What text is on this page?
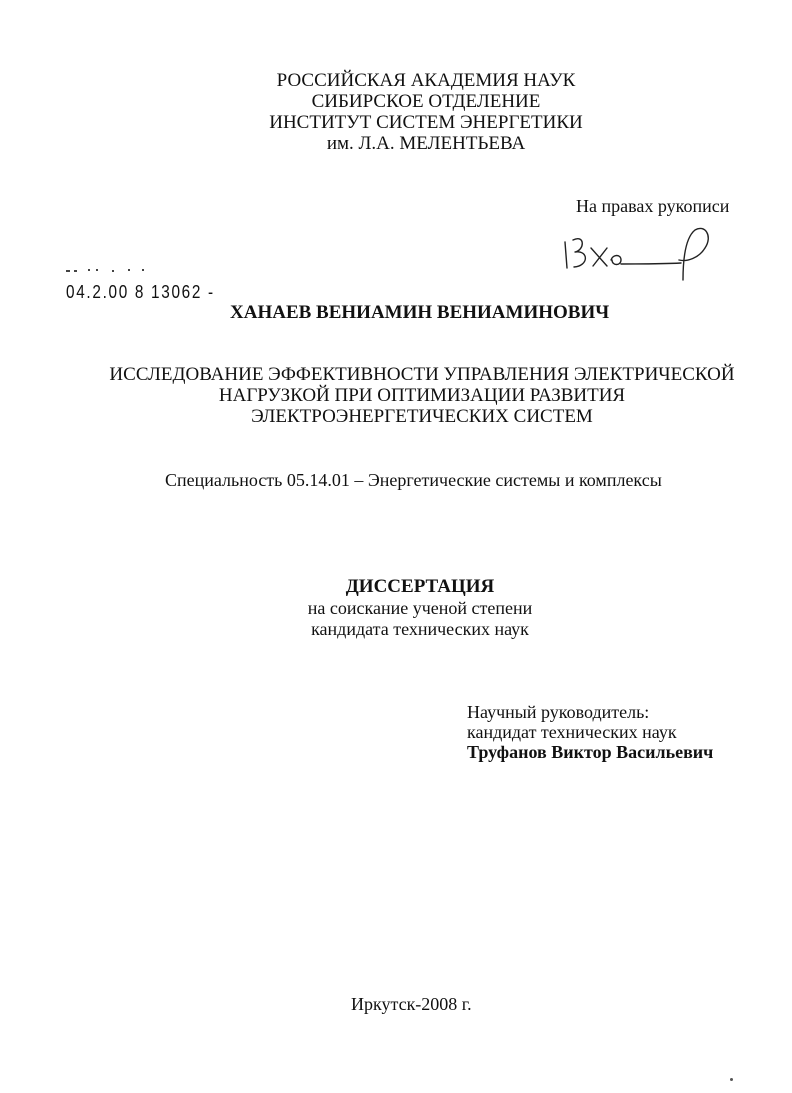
РОССИЙСКАЯ АКАДЕМИЯ НАУК
СИБИРСКОЕ ОТДЕЛЕНИЕ
ИНСТИТУТ СИСТЕМ ЭНЕРГЕТИКИ
им. Л.А. МЕЛЕНТЬЕВА
На правах рукописи
04.2.00 8 13062 -
ХАНАЕВ ВЕНИАМИН ВЕНИАМИНОВИЧ
ИССЛЕДОВАНИЕ ЭФФЕКТИВНОСТИ УПРАВЛЕНИЯ ЭЛЕКТРИЧЕСКОЙ
НАГРУЗКОЙ ПРИ ОПТИМИЗАЦИИ РАЗВИТИЯ
ЭЛЕКТРОЭНЕРГЕТИЧЕСКИХ СИСТЕМ
Специальность 05.14.01 – Энергетические системы и комплексы
ДИССЕРТАЦИЯ
на соискание ученой степени
кандидата технических наук
Научный руководитель:
кандидат технических наук
Труфанов Виктор Васильевич
Иркутск-2008 г.
